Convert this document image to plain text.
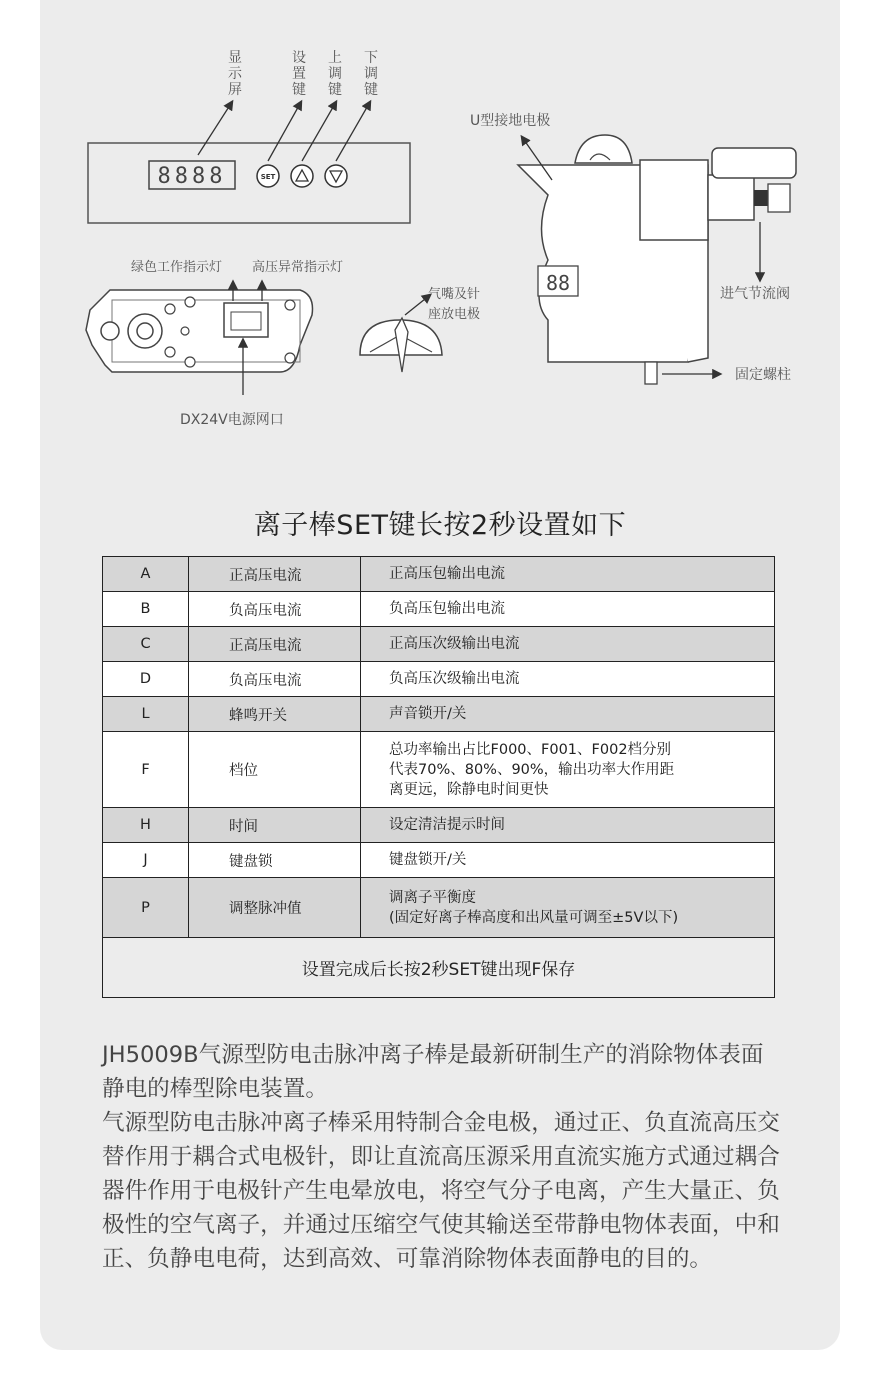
8888	SET
显示屏
设置键
上调键
下调键
绿色工作指示灯 高压异常指示灯
DX24V电源网口
气嘴及针
座放电极
88
U型接地电极
进气节流阀
固定螺柱
离子棒SET键长按2秒设置如下
A	正高压电流	正高压包输出电流

B	负高压电流	负高压包输出电流

C	正高压电流	正高压次级输出电流

D	负高压电流	负高压次级输出电流

L	蜂鸣开关	声音锁开/关

F	档位	总功率输出占比F000、F001、F002档分别
代表70%、80%、90%，输出功率大作用距
离更远，除静电时间更快

H	时间	设定清洁提示时间

J	键盘锁	键盘锁开/关

P	调整脉冲值	调离子平衡度
(固定好离子棒高度和出风量可调至±5V以下)

设置完成后长按2秒SET键出现F保存		

JH5009B气源型防电击脉冲离子棒是最新研制生产的消除物体表面静电的棒型除电装置。

气源型防电击脉冲离子棒采用特制合金电极，通过正、负直流高压交替作用于耦合式电极针，即让直流高压源采用直流实施方式通过耦合器件作用于电极针产生电晕放电，将空气分子电离，产生大量正、负极性的空气离子，并通过压缩空气使其输送至带静电物体表面，中和正、负静电电荷，达到高效、可靠消除物体表面静电的目的。
